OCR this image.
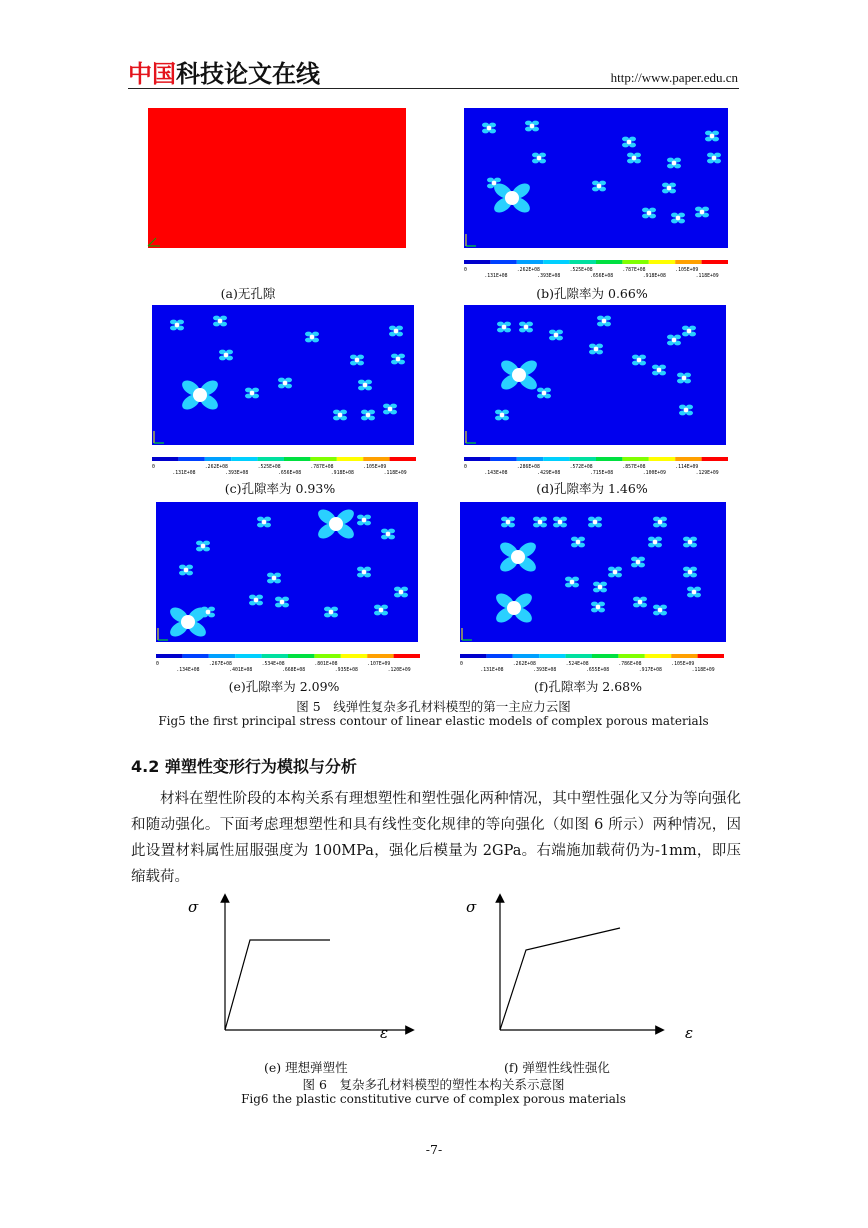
中国科技论文在线	http://www.paper.edu.cn
(a)无孔隙
0	.262E+08	.525E+08	.787E+08	.105E+09
.131E+08	.393E+08	.656E+08	.918E+08	.118E+09
(b)孔隙率为 0.66%
0	.262E+08	.525E+08	.787E+08	.105E+09
.131E+08	.393E+08	.656E+08	.918E+08	.118E+09
(c)孔隙率为 0.93%
0	.286E+08	.572E+08	.857E+08	.114E+09
.143E+08	.429E+08	.715E+08	.100E+09	.129E+09
(d)孔隙率为 1.46%
0	.267E+08	.534E+08	.801E+08	.107E+09
.134E+08	.401E+08	.668E+08	.935E+08	.120E+09
(e)孔隙率为 2.09%
0	.262E+08	.524E+08	.786E+08	.105E+09
.131E+08	.393E+08	.655E+08	.917E+08	.118E+09
(f)孔隙率为 2.68%
图 5　线弹性复杂多孔材料模型的第一主应力云图
Fig5 the first principal stress contour of linear elastic models of complex porous materials
4.2 弹塑性变形行为模拟与分析
材料在塑性阶段的本构关系有理想塑性和塑性强化两种情况，其中塑性强化又分为等向强化和随动强化。下面考虑理想塑性和具有线性变化规律的等向强化（如图 6 所示）两种情况，因此设置材料属性屈服强度为 100MPa，强化后模量为 2GPa。右端施加载荷仍为-1mm，即压缩载荷。
σ
ε
σ
ε
(e) 理想弹塑性	(f) 弹塑性线性强化
图 6　复杂多孔材料模型的塑性本构关系示意图
Fig6 the plastic constitutive curve of complex porous materials
-7-
